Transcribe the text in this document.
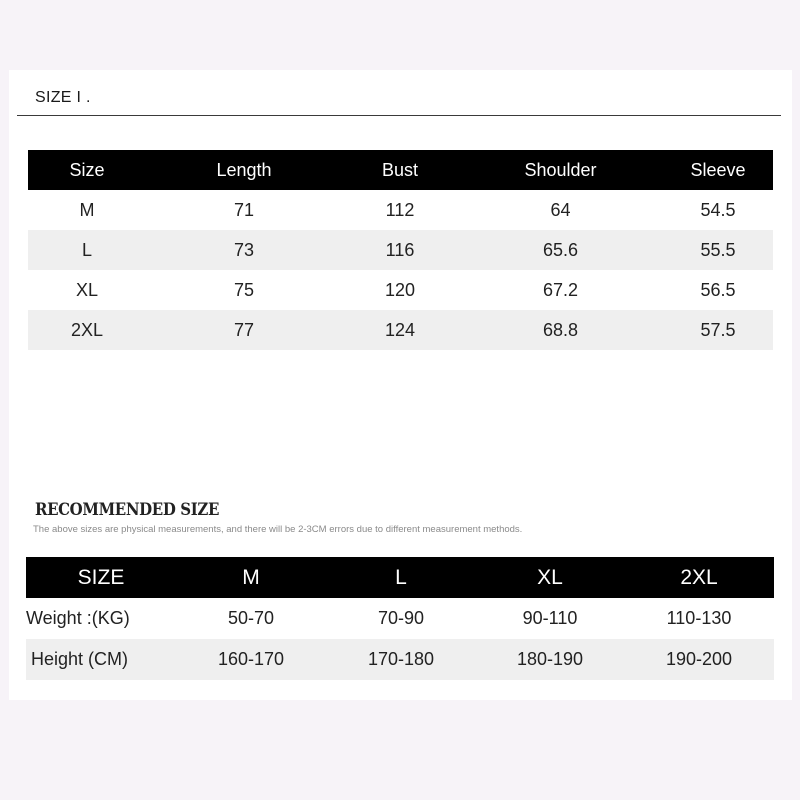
SIZE I .
Size	Length	Bust	Shoulder	Sleeve
M	71	112	64	54.5
L	73	116	65.6	55.5
XL	75	120	67.2	56.5
2XL	77	124	68.8	57.5
RECOMMENDED SIZE
The above sizes are physical measurements, and there will be 2-3CM errors due to different measurement methods.
SIZE	M	L	XL	2XL
Weight :(KG)	50-70	70-90	90-110	110-130
Height (CM)	160-170	170-180	180-190	190-200
